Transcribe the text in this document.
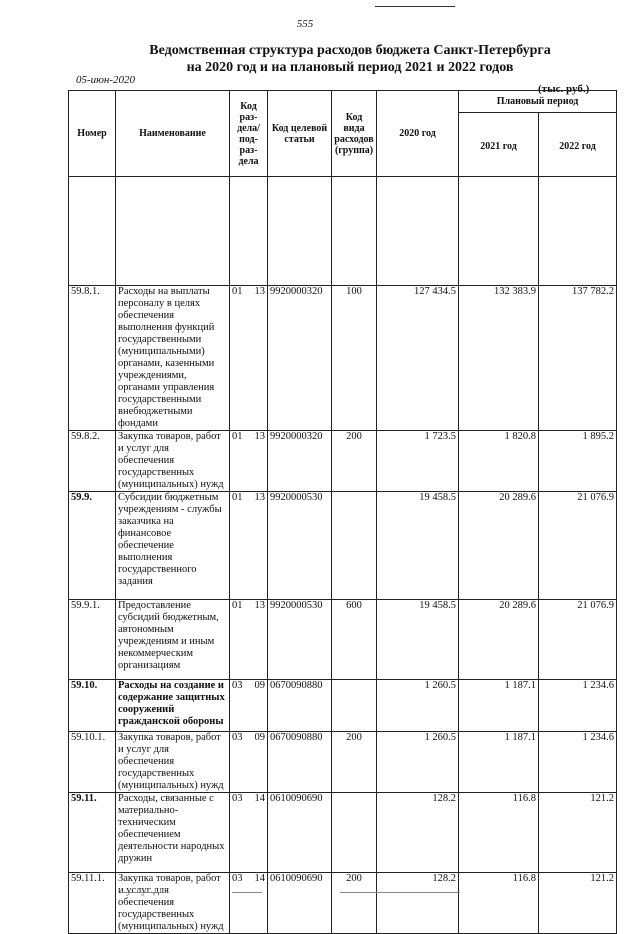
555
Ведомственная структура расходов бюджета Санкт-Петербурга
на 2020 год и на плановый период 2021 и 2022 годов
05-июн-2020
(тыс. руб.)
Номер	Наименование	Код раз-дела/ под-раз-дела		Код целевой статьи	Код вида расходов (группа)	2020 год	Плановый период	
							2021 год	2022 год

59.8.1.	Расходы на выплаты персоналу в целях обеспечения выполнения функций государственными (муниципальными) органами, казенными учреждениями, органами управления государственными внебюджетными фондами	01	13	9920000320	100	127 434.5	132 383.9	137 782.2
59.8.2.	Закупка товаров, работ и услуг для обеспечения государственных (муниципальных) нужд	01	13	9920000320	200	1 723.5	1 820.8	1 895.2
59.9.	Субсидии бюджетным учреждениям - службы заказчика на финансовое обеспечение выполнения государственного задания	01	13	9920000530		19 458.5	20 289.6	21 076.9
59.9.1.	Предоставление субсидий бюджетным, автономным учреждениям и иным некоммерческим организациям	01	13	9920000530	600	19 458.5	20 289.6	21 076.9
59.10.	Расходы на создание и содержание защитных сооружений гражданской обороны	03	09	0670090880		1 260.5	1 187.1	1 234.6
59.10.1.	Закупка товаров, работ и услуг для обеспечения государственных (муниципальных) нужд	03	09	0670090880	200	1 260.5	1 187.1	1 234.6
59.11.	Расходы, связанные с материально-техническим обеспечением деятельности народных дружин	03	14	0610090690		128.2	116.8	121.2
59.11.1.	Закупка товаров, работ и услуг для обеспечения государственных (муниципальных) нужд	03	14	0610090690	200	128.2	116.8	121.2
